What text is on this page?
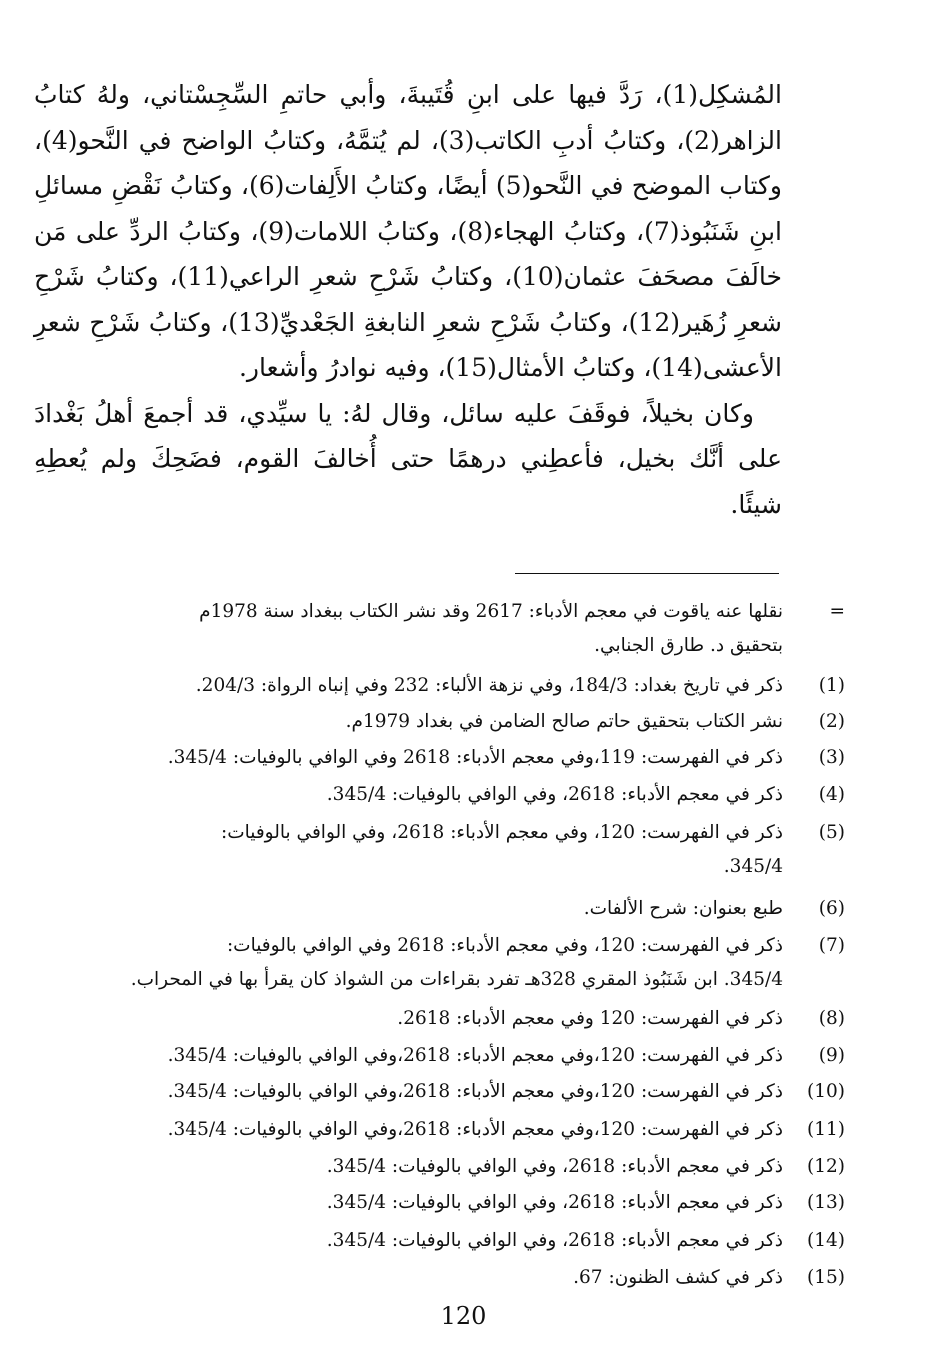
المُشكِل(1)، رَدَّ فيها على ابنِ قُتَيبةَ، وأبي حاتمِ السِّجِسْتاني، ولهُ كتابُ الزاهر(2)، وكتابُ أدبِ الكاتب(3)، لم يُتمَّهُ، وكتابُ الواضح في النَّحو(4)، وكتاب الموضح في النَّحو(5) أيضًا، وكتابُ الأَلِفات(6)، وكتابُ نَقْضِ مسائلِ ابنِ شَنَبُوذ(7)، وكتابُ الهجاء(8)، وكتابُ اللامات(9)، وكتابُ الردِّ على مَن خالَفَ مصحَفَ عثمان(10)، وكتابُ شَرْحِ شعرِ الراعي(11)، وكتابُ شَرْحِ شعرِ زُهَير(12)، وكتابُ شَرْحِ شعرِ النابغةِ الجَعْديِّ(13)، وكتابُ شَرْحِ شعرِ الأعشى(14)، وكتابُ الأمثال(15)، وفيه نوادرُ وأشعار.

وكان بخيلاً، فوقَفَ عليه سائل، وقال لهُ: يا سيِّدي، قد أجمعَ أهلُ بَغْدادَ على أنَّك بخيل، فأعطِني درهمًا حتى أُخالفَ القوم، فضَحِكَ ولم يُعطِهِ شيئًا.

=
نقلها عنه ياقوت في معجم الأدباء: 2617 وقد نشر الكتاب ببغداد سنة 1978م
بتحقيق د. طارق الجنابي.
(1)
ذكر في تاريخ بغداد: 184/3، وفي نزهة الألباء: 232 وفي إنباه الرواة: 204/3.
(2)
نشر الكتاب بتحقيق حاتم صالح الضامن في بغداد 1979م.
(3)
ذكر في الفهرست: 119،وفي معجم الأدباء: 2618 وفي الوافي بالوفيات: 345/4.
(4)
ذكر في معجم الأدباء: 2618، وفي الوافي بالوفيات: 345/4.
(5)
ذكر في الفهرست: 120، وفي معجم الأدباء: 2618، وفي الوافي بالوفيات:
345/4.
(6)
طبع بعنوان: شرح الألفات.
(7)
ذكر في الفهرست: 120، وفي معجم الأدباء: 2618 وفي الوافي بالوفيات:
345/4. ابن شَنَبُوذ المقري 328هـ تفرد بقراءات من الشواذ كان يقرأ بها في المحراب.
(8)
ذكر في الفهرست: 120 وفي معجم الأدباء: 2618.
(9)
ذكر في الفهرست: 120،وفي معجم الأدباء: 2618،وفي الوافي بالوفيات: 345/4.
(10)
ذكر في الفهرست: 120،وفي معجم الأدباء: 2618،وفي الوافي بالوفيات: 345/4.
(11)
ذكر في الفهرست: 120،وفي معجم الأدباء: 2618،وفي الوافي بالوفيات: 345/4.
(12)
ذكر في معجم الأدباء: 2618، وفي الوافي بالوفيات: 345/4.
(13)
ذكر في معجم الأدباء: 2618، وفي الوافي بالوفيات: 345/4.
(14)
ذكر في معجم الأدباء: 2618، وفي الوافي بالوفيات: 345/4.
(15)
ذكر في كشف الظنون: 67.
120
